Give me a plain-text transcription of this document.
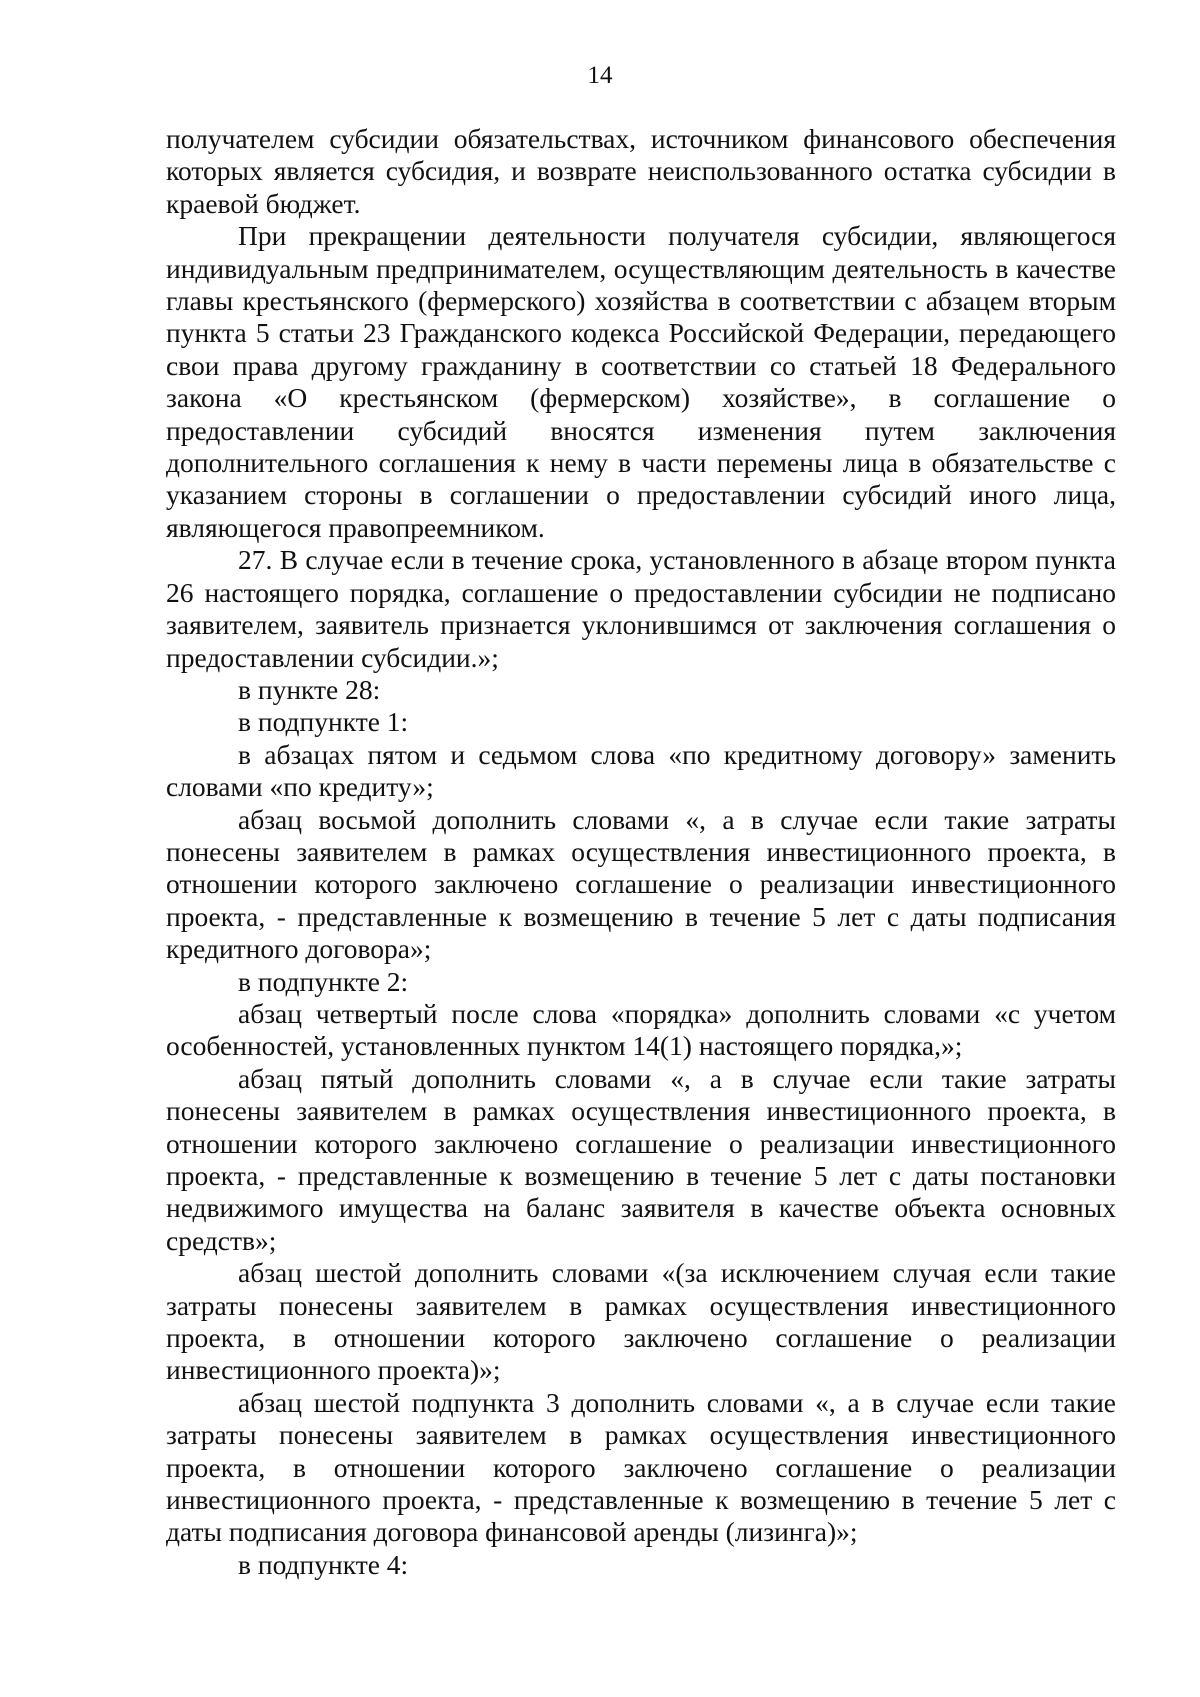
14

получателем субсидии обязательствах, источником финансового обеспечения которых является субсидия, и возврате неиспользованного остатка субсидии в краевой бюджет.

При прекращении деятельности получателя субсидии, являющегося индивидуальным предпринимателем, осуществляющим деятельность в качестве главы крестьянского (фермерского) хозяйства в соответствии с абзацем вторым пункта 5 статьи 23 Гражданского кодекса Российской Федерации, передающего свои права другому гражданину в соответствии со статьей 18 Федерального закона «О крестьянском (фермерском) хозяйстве», в соглашение о предоставлении субсидий вносятся изменения путем заключения дополнительного соглашения к нему в части перемены лица в обязательстве с указанием стороны в соглашении о предоставлении субсидий иного лица, являющегося правопреемником.

27. В случае если в течение срока, установленного в абзаце втором пункта 26 настоящего порядка, соглашение о предоставлении субсидии не подписано заявителем, заявитель признается уклонившимся от заключения соглашения о предоставлении субсидии.»;

в пункте 28:

в подпункте 1:

в абзацах пятом и седьмом слова «по кредитному договору» заменить словами «по кредиту»;

абзац восьмой дополнить словами «, а в случае если такие затраты понесены заявителем в рамках осуществления инвестиционного проекта, в отношении которого заключено соглашение о реализации инвестиционного проекта, - представленные к возмещению в течение 5 лет с даты подписания кредитного договора»;

в подпункте 2:

абзац четвертый после слова «порядка» дополнить словами «с учетом особенностей, установленных пунктом 14(1) настоящего порядка,»;

абзац пятый дополнить словами «, а в случае если такие затраты понесены заявителем в рамках осуществления инвестиционного проекта, в отношении которого заключено соглашение о реализации инвестиционного проекта, - представленные к возмещению в течение 5 лет с даты постановки недвижимого имущества на баланс заявителя в качестве объекта основных средств»;

абзац шестой дополнить словами «(за исключением случая если такие затраты понесены заявителем в рамках осуществления инвестиционного проекта, в отношении которого заключено соглашение о реализации инвестиционного проекта)»;

абзац шестой подпункта 3 дополнить словами «, а в случае если такие затраты понесены заявителем в рамках осуществления инвестиционного проекта, в отношении которого заключено соглашение о реализации инвестиционного проекта, - представленные к возмещению в течение 5 лет с даты подписания договора финансовой аренды (лизинга)»;

в подпункте 4:
